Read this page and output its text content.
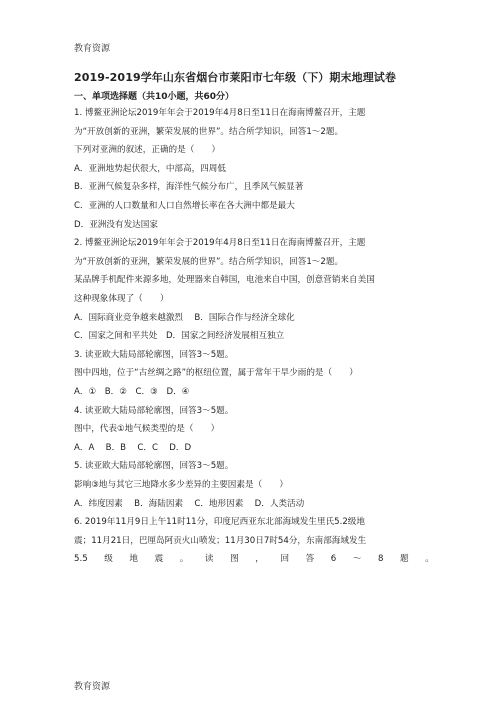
教育资源
2019-2019学年山东省烟台市莱阳市七年级（下）期末地理试卷
一、单项选择题（共10小题，共60分）
1. 博鳌亚洲论坛2019年年会于2019年4月8日至11日在海南博鳌召开，主题
为“开放创新的亚洲，繁荣发展的世界”。结合所学知识，回答1～2题。
下列对亚洲的叙述，正确的是（　　）
A．亚洲地势起伏很大，中部高，四周低
B．亚洲气候复杂多样，海洋性气候分布广，且季风气候显著
C．亚洲的人口数量和人口自然增长率在各大洲中都是最大
D．亚洲没有发达国家
2. 博鳌亚洲论坛2019年年会于2019年4月8日至11日在海南博鳌召开，主题
为“开放创新的亚洲，繁荣发展的世界”。结合所学知识，回答1～2题。
某品牌手机配件来源多地，处理器来自韩国，电池来自中国，创意营销来自美国
这种现象体现了（　　）
A．国际商业竞争越来越激烈　 B．国际合作与经济全球化
C．国家之间和平共处　D．国家之间经济发展相互独立
3. 读亚欧大陆局部轮廓图，回答3～5题。
图中四地，位于“古丝绸之路”的枢纽位置，属于常年干旱少雨的是（　　）
A．①　B．②　C．③　D．④
4. 读亚欧大陆局部轮廓图，回答3～5题。
图中，代表①地气候类型的是（　　）
A．A　 B．B　 C．C　 D．D
5. 读亚欧大陆局部轮廓图，回答3～5题。
影响③地与其它三地降水多少差异的主要因素是（　　）
A．纬度因素　 B．海陆因素　 C．地形因素　 D．人类活动
6. 2019年11月9日上午11时11分，印度尼西亚东北部海域发生里氏5.2级地
震；11月21日，巴厘岛阿贡火山喷发；11月30日7时54分，东南部海域发生
5.5 级 地 震 。 读 图 ， 回 答 6 ～ 8 题 。
教育资源
